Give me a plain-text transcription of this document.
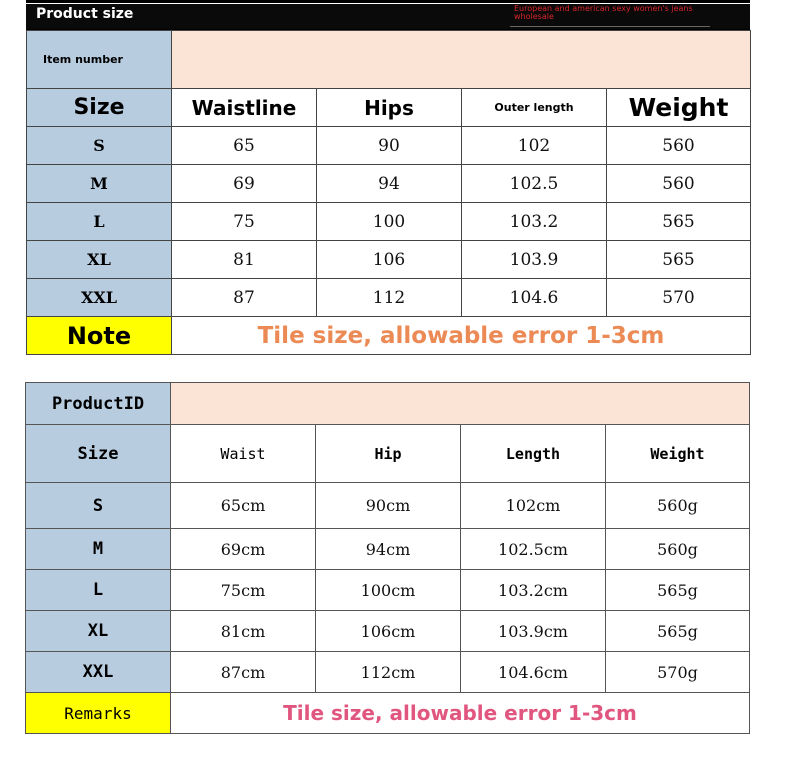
Product size	European and american sexy women's jeans wholesale
Item number				
Size	Waistline	Hips	Outer length	Weight
S	65	90	102	560
M	69	94	102.5	560
L	75	100	103.2	565
XL	81	106	103.9	565
XXL	87	112	104.6	570
Note	Tile size, allowable error 1-3cm			
ProductID				
Size	Waist	Hip	Length	Weight
S	65cm	90cm	102cm	560g
M	69cm	94cm	102.5cm	560g
L	75cm	100cm	103.2cm	565g
XL	81cm	106cm	103.9cm	565g
XXL	87cm	112cm	104.6cm	570g
Remarks	Tile size, allowable error 1-3cm			
